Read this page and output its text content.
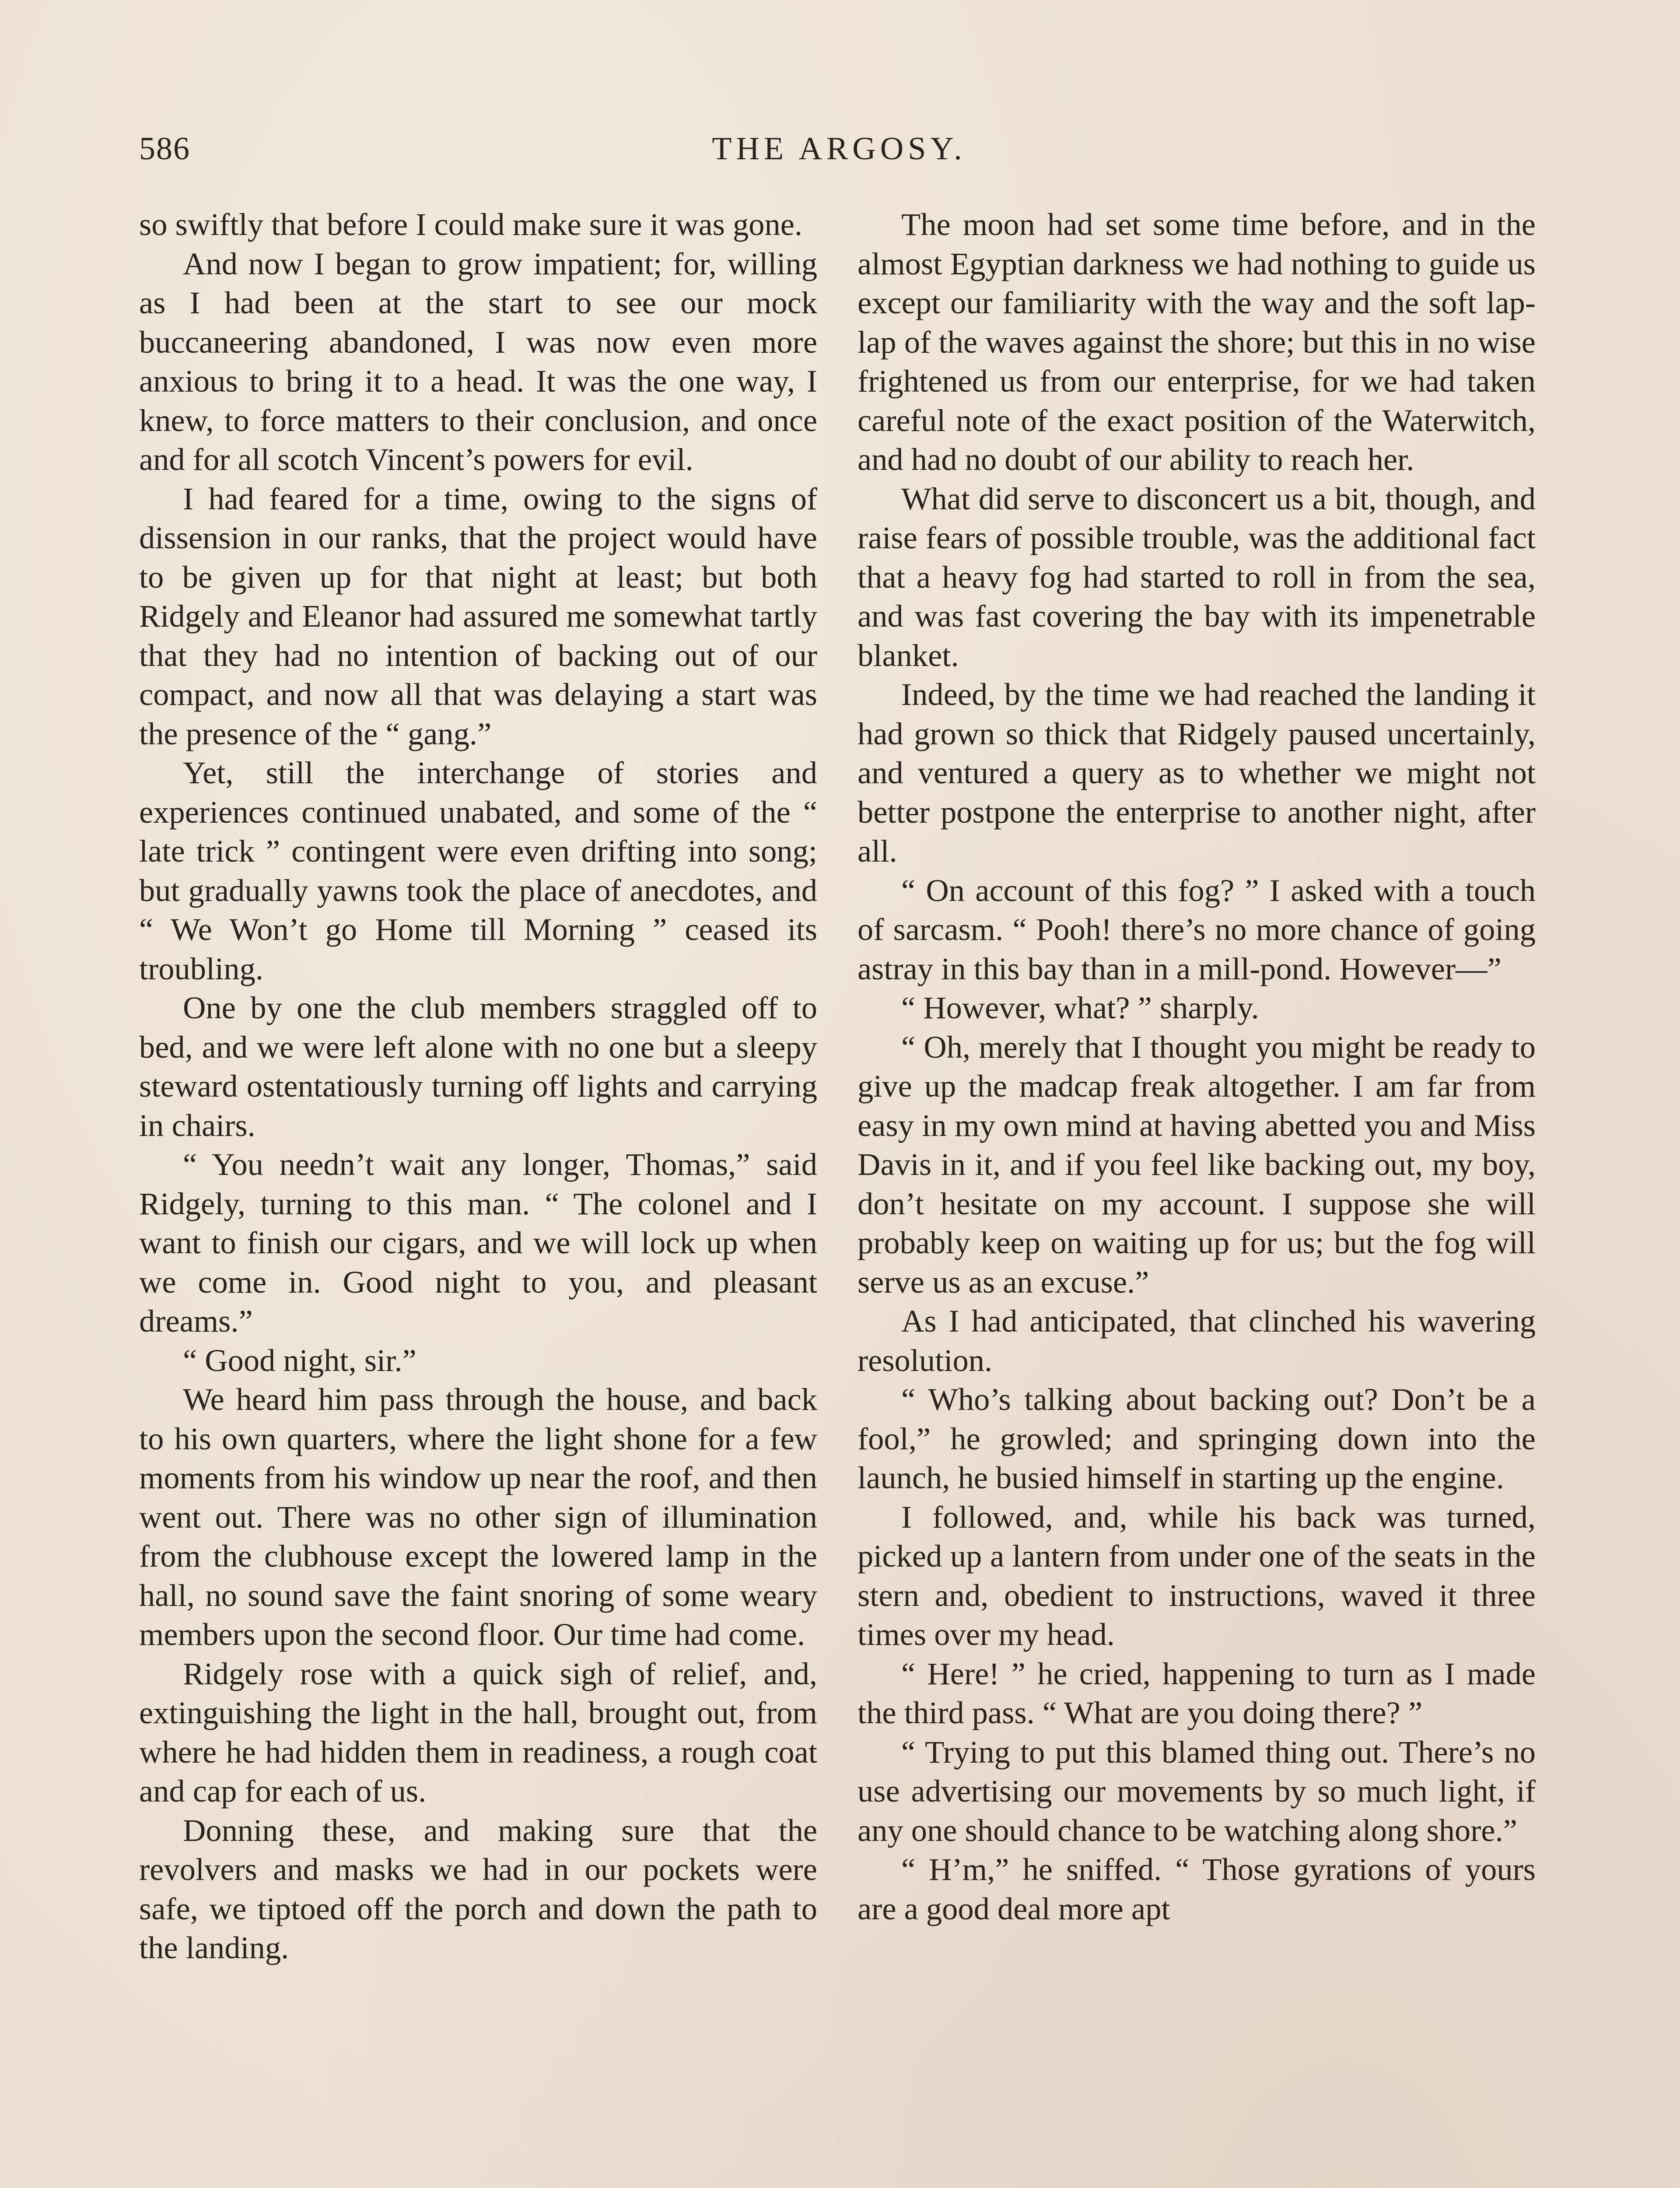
586	THE ARGOSY.

so swiftly that before I could make sure it was gone.

And now I began to grow impatient; for, willing as I had been at the start to see our mock buccaneering abandoned, I was now even more anxious to bring it to a head. It was the one way, I knew, to force matters to their conclusion, and once and for all scotch Vincent’s powers for evil.

I had feared for a time, owing to the signs of dissension in our ranks, that the project would have to be given up for that night at least; but both Ridgely and Eleanor had assured me somewhat tartly that they had no intention of backing out of our compact, and now all that was delaying a start was the presence of the “ gang.”

Yet, still the interchange of stories and experiences continued unabated, and some of the “ late trick ” contingent were even drifting into song; but gradually yawns took the place of anecdotes, and “ We Won’t go Home till Morning ” ceased its troubling.

One by one the club members straggled off to bed, and we were left alone with no one but a sleepy steward ostentatiously turning off lights and carrying in chairs.

“ You needn’t wait any longer, Thomas,” said Ridgely, turning to this man. “ The colonel and I want to finish our cigars, and we will lock up when we come in. Good night to you, and pleasant dreams.”

“ Good night, sir.”

We heard him pass through the house, and back to his own quarters, where the light shone for a few moments from his window up near the roof, and then went out. There was no other sign of illumination from the clubhouse except the lowered lamp in the hall, no sound save the faint snoring of some weary members upon the second floor. Our time had come.

Ridgely rose with a quick sigh of relief, and, extinguishing the light in the hall, brought out, from where he had hidden them in readiness, a rough coat and cap for each of us.

Donning these, and making sure that the revolvers and masks we had in our pockets were safe, we tiptoed off the porch and down the path to the landing.

The moon had set some time before, and in the almost Egyptian darkness we had nothing to guide us except our familiarity with the way and the soft lap-lap of the waves against the shore; but this in no wise frightened us from our enterprise, for we had taken careful note of the exact position of the Waterwitch, and had no doubt of our ability to reach her.

What did serve to disconcert us a bit, though, and raise fears of possible trouble, was the additional fact that a heavy fog had started to roll in from the sea, and was fast covering the bay with its impenetrable blanket.

Indeed, by the time we had reached the landing it had grown so thick that Ridgely paused uncertainly, and ventured a query as to whether we might not better postpone the enterprise to another night, after all.

“ On account of this fog? ” I asked with a touch of sarcasm. “ Pooh! there’s no more chance of going astray in this bay than in a mill-pond. However—”

“ However, what? ” sharply.

“ Oh, merely that I thought you might be ready to give up the madcap freak altogether. I am far from easy in my own mind at having abetted you and Miss Davis in it, and if you feel like backing out, my boy, don’t hesitate on my account. I suppose she will probably keep on waiting up for us; but the fog will serve us as an excuse.”

As I had anticipated, that clinched his wavering resolution.

“ Who’s talking about backing out? Don’t be a fool,” he growled; and springing down into the launch, he busied himself in starting up the engine.

I followed, and, while his back was turned, picked up a lantern from under one of the seats in the stern and, obedient to instructions, waved it three times over my head.

“ Here! ” he cried, happening to turn as I made the third pass. “ What are you doing there? ”

“ Trying to put this blamed thing out. There’s no use advertising our movements by so much light, if any one should chance to be watching along shore.”

“ H’m,” he sniffed. “ Those gyrations of yours are a good deal more apt
